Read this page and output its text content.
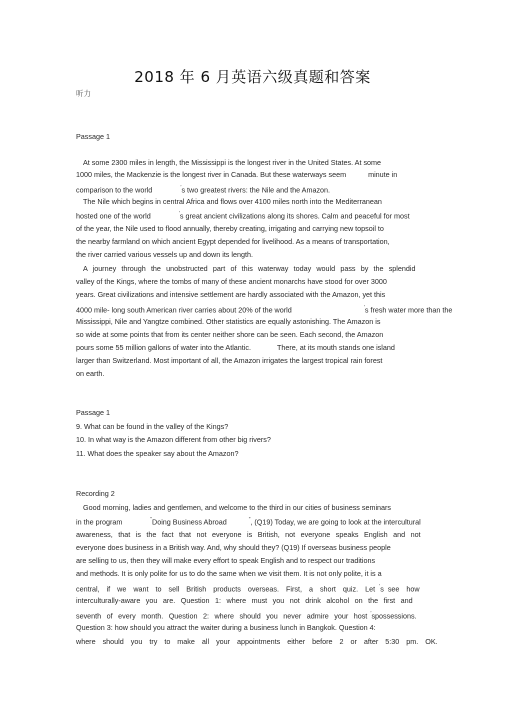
2018 年 6 月英语六级真题和答案
听力
Passage 1
At some 2300 miles in length, the Mississippi is the longest river in the United States. At some
1000 miles, the Mackenzie is the longest river in Canada. But these waterways seem	minute in
comparison to the world	’s two greatest rivers: the Nile and the Amazon.
The Nile which begins in central Africa and flows over 4100 miles north into the Mediterranean
hosted one of the world	’s great ancient civilizations along its shores. Calm and peaceful for most
of the year, the Nile used to flood annually, thereby creating, irrigating and carrying new topsoil to
the nearby farmland on which ancient Egypt depended for livelihood. As a means of transportation,
the river carried various vessels up and down its length.
A journey through the unobstructed part of this waterway today would pass by the splendid
valley of the Kings, where the tombs of many of these ancient monarchs have stood for over 3000
years. Great civilizations and intensive settlement are hardly associated with the Amazon, yet this
4000 mile- long south American river carries about 20% of the world	’s fresh water more than the
Mississippi, Nile and Yangtze combined. Other statistics are equally astonishing. The Amazon is
so wide at some points that from its center neither shore can be seen. Each second, the Amazon
pours some 55 million gallons of water into the Atlantic.	There, at its mouth stands one island
larger than Switzerland. Most important of all, the Amazon irrigates the largest tropical rain forest
on earth.
Passage 1
9. What can be found in the valley of the Kings?
10. In what way is the Amazon different from other big rivers?
11. What does the speaker say about the Amazon?
Recording 2
Good morning, ladies and gentlemen, and welcome to the third in our cities of business seminars
in the program	“Doing Business Abroad	”, (Q19) Today, we are going to look at the intercultural
awareness, that is the fact that not everyone is British, not everyone speaks English and not
everyone does business in a British way. And, why should they? (Q19) If overseas business people
are selling to us, then they will make every effort to speak English and to respect our traditions
and methods. It is only polite for us to do the same when we visit them. It is not only polite, it is a
central, if we want to sell British products overseas. First, a short quiz. Let ’s see how
interculturally-aware you are. Question 1: where must you not drink alcohol on the first and
seventh of every month. Question 2: where should you never admire your host ’spossessions.
Question 3: how should you attract the waiter during a business lunch in Bangkok. Question 4:
where should you try to make all your appointments either before 2 or after 5:30 pm. OK.
